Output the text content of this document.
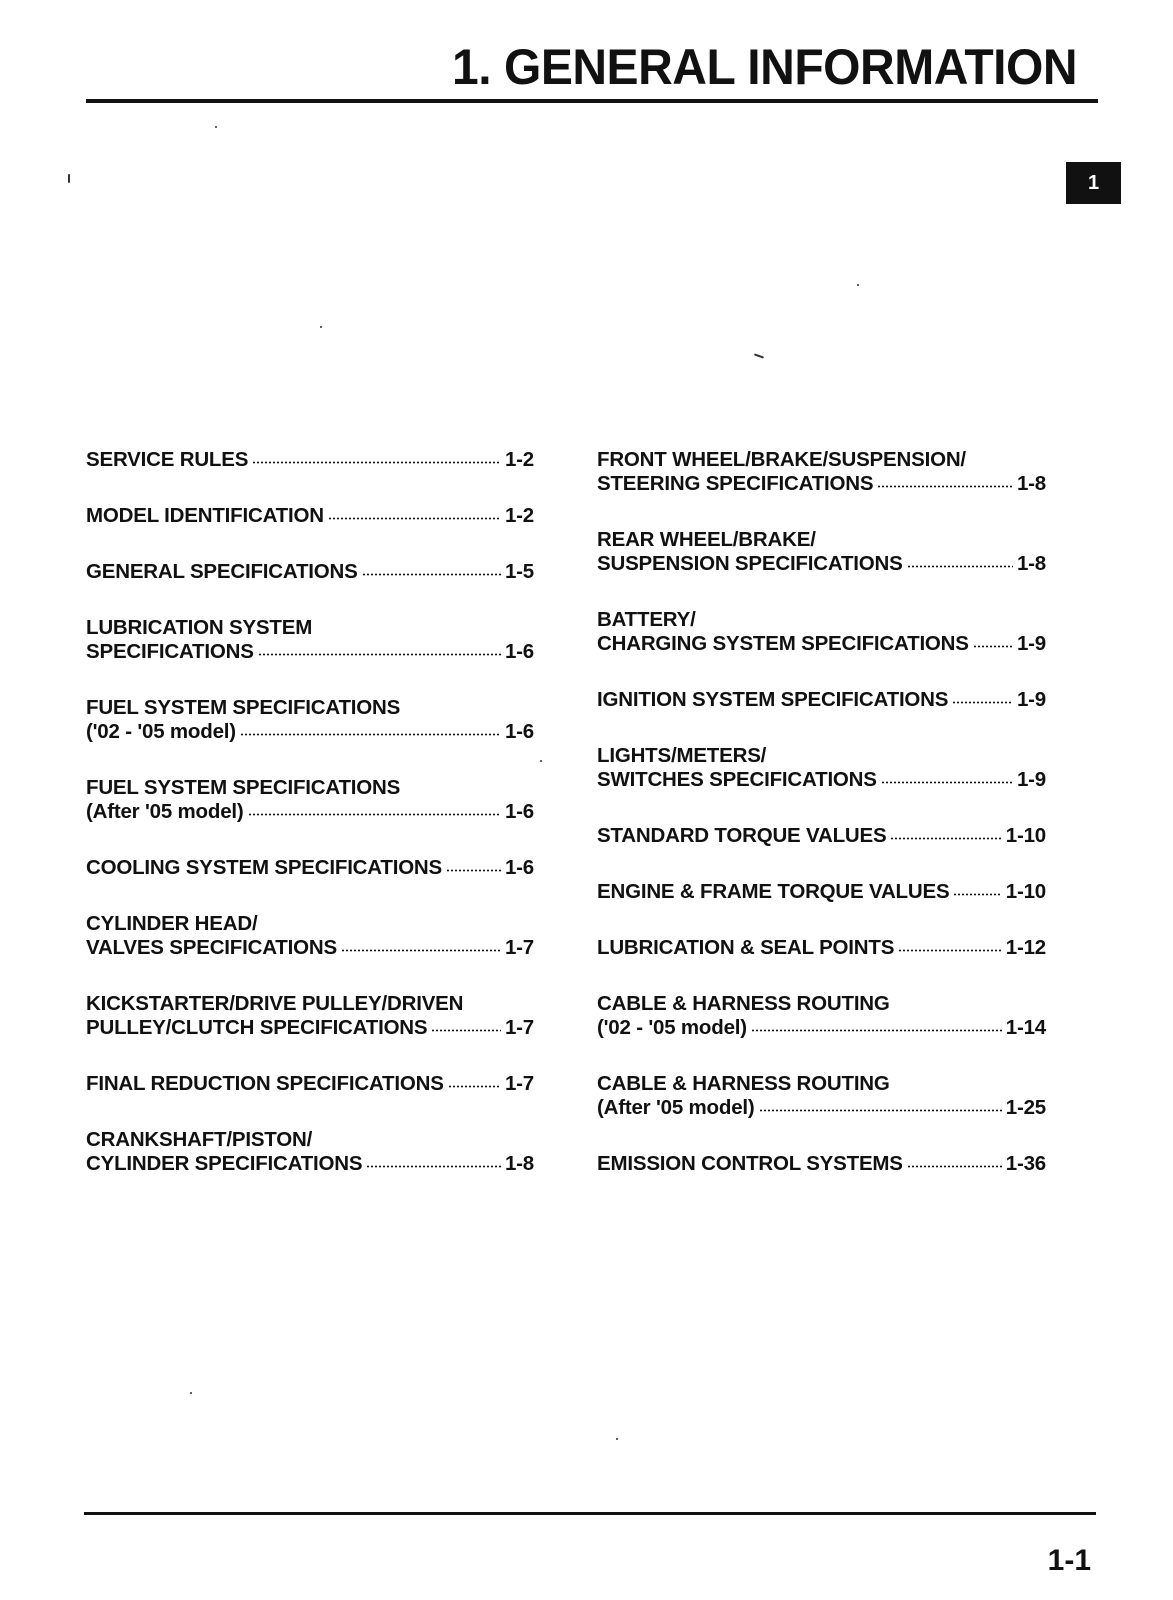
1. GENERAL INFORMATION
1
SERVICE RULES	1-2
MODEL IDENTIFICATION	1-2
GENERAL SPECIFICATIONS	1-5
LUBRICATION SYSTEM
SPECIFICATIONS	1-6
FUEL SYSTEM SPECIFICATIONS
('02 - '05 model)	1-6
FUEL SYSTEM SPECIFICATIONS
(After '05 model)	1-6
COOLING SYSTEM SPECIFICATIONS	1-6
CYLINDER HEAD/
VALVES SPECIFICATIONS	1-7
KICKSTARTER/DRIVE PULLEY/DRIVEN
PULLEY/CLUTCH SPECIFICATIONS	1-7
FINAL REDUCTION SPECIFICATIONS	1-7
CRANKSHAFT/PISTON/
CYLINDER SPECIFICATIONS	1-8
FRONT WHEEL/BRAKE/SUSPENSION/
STEERING SPECIFICATIONS	1-8
REAR WHEEL/BRAKE/
SUSPENSION SPECIFICATIONS	1-8
BATTERY/
CHARGING SYSTEM SPECIFICATIONS 1-9
IGNITION SYSTEM SPECIFICATIONS	1-9
LIGHTS/METERS/
SWITCHES SPECIFICATIONS	1-9
STANDARD TORQUE VALUES	1-10
ENGINE & FRAME TORQUE VALUES	1-10
LUBRICATION & SEAL POINTS	1-12
CABLE & HARNESS ROUTING
('02 - '05 model)	1-14
CABLE & HARNESS ROUTING
(After '05 model)	1-25
EMISSION CONTROL SYSTEMS	1-36
1-1
